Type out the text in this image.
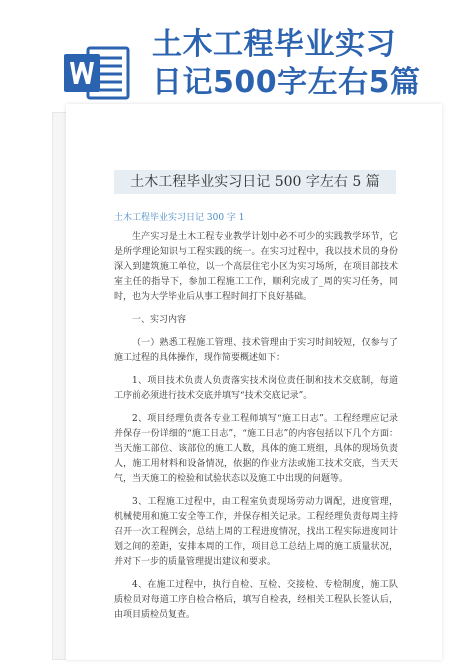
土木工程毕业实习
日记500字左右5篇
土木工程毕业实习日记 500 字左右 5 篇
土木工程毕业实习日记 300 字 1

生产实习是土木工程专业教学计划中必不可少的实践教学环节，它是所学理论知识与工程实践的统一。在实习过程中，我以技术员的身份深入到建筑施工单位，以一个高层住宅小区为实习场所，在项目部技术室主任的指导下，参加工程施工工作，顺利完成了_周的实习任务，同时，也为大学毕业后从事工程时间打下良好基础。

一、实习内容

（一）熟悉工程施工管理、技术管理由于实习时间较短，仅参与了施工过程的具体操作，现作简要概述如下：

1、项目技术负责人负责落实技术岗位责任制和技术交底制，每道工序前必须进行技术交底并填写“技术交底记录”。

2、项目经理负责各专业工程师填写“施工日志”。工程经理应记录并保存一份详细的“施工日志”，“施工日志”的内容包括以下几个方面：当天施工部位、该部位的施工人数，具体的施工班组，具体的现场负责人，施工用材料和设备情况，依据的作业方法或施工技术交底，当天天气，当天施工的检验和试验状态以及施工中出现的问题等。

3、工程施工过程中，由工程室负责现场劳动力调配，进度管理，机械使用和施工安全等工作，并保存相关记录。工程经理负责每周主持召开一次工程例会，总结上周的工程进度情况，找出工程实际进度同计划之间的差距，安排本周的工作，项目总工总结上周的施工质量状况，并对下一步的质量管理提出建议和要求。

4、在施工过程中，执行自检、互检、交接检、专检制度，施工队质检员对每道工序自检合格后，填写自检表，经相关工程队长签认后，由项目质检员复查。
